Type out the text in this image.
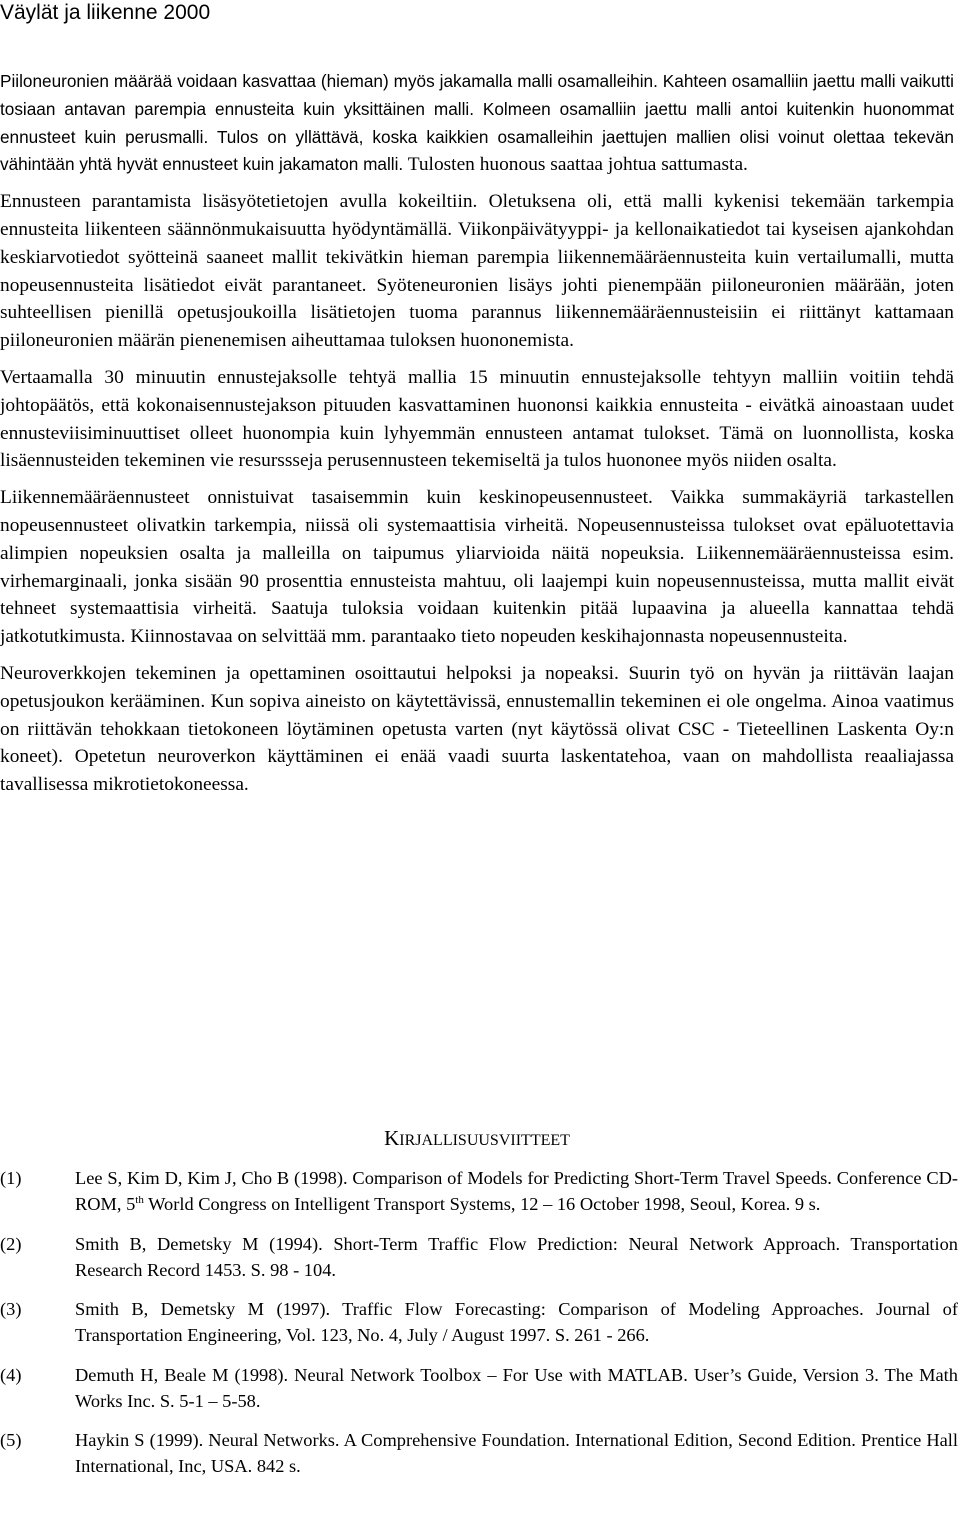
Väylät ja liikenne 2000

Piiloneuronien määrää voidaan kasvattaa (hieman) myös jakamalla malli osamalleihin. Kahteen osamalliin jaettu malli vaikutti tosiaan antavan parempia ennusteita kuin yksittäinen malli. Kolmeen osamalliin jaettu malli antoi kuitenkin huonommat ennusteet kuin perusmalli. Tulos on yllättävä, koska kaikkien osamalleihin jaettujen mallien olisi voinut olettaa tekevän vähintään yhtä hyvät ennusteet kuin jakamaton malli. Tulosten huonous saattaa johtua sattumasta.

Ennusteen parantamista lisäsyötetietojen avulla kokeiltiin. Oletuksena oli, että malli kykenisi tekemään tarkempia ennusteita liikenteen säännönmukaisuutta hyödyntämällä. Viikonpäivätyyppi- ja kellonaikatiedot tai kyseisen ajankohdan keskiarvotiedot syötteinä saaneet mallit tekivätkin hieman parempia liikennemääräennusteita kuin vertailumalli, mutta nopeusennusteita lisätiedot eivät parantaneet. Syöteneuronien lisäys johti pienempään piiloneuronien määrään, joten suhteellisen pienillä opetusjoukoilla lisätietojen tuoma parannus liikennemääräennusteisiin ei riittänyt kattamaan piiloneuronien määrän pienenemisen aiheuttamaa tuloksen huononemista.

Vertaamalla 30 minuutin ennustejaksolle tehtyä mallia 15 minuutin ennustejaksolle tehtyyn malliin voitiin tehdä johtopäätös, että kokonaisennustejakson pituuden kasvattaminen huononsi kaikkia ennusteita - eivätkä ainoastaan uudet ennusteviisiminuuttiset olleet huonompia kuin lyhyemmän ennusteen antamat tulokset. Tämä on luonnollista, koska lisäennusteiden tekeminen vie resurssseja perusennusteen tekemiseltä ja tulos huononee myös niiden osalta.

Liikennemääräennusteet onnistuivat tasaisemmin kuin keskinopeusennusteet. Vaikka summakäyriä tarkastellen nopeusennusteet olivatkin tarkempia, niissä oli systemaattisia virheitä. Nopeusennusteissa tulokset ovat epäluotettavia alimpien nopeuksien osalta ja malleilla on taipumus yliarvioida näitä nopeuksia. Liikennemääräennusteissa esim. virhemarginaali, jonka sisään 90 prosenttia ennusteista mahtuu, oli laajempi kuin nopeusennusteissa, mutta mallit eivät tehneet systemaattisia virheitä. Saatuja tuloksia voidaan kuitenkin pitää lupaavina ja alueella kannattaa tehdä jatkotutkimusta. Kiinnostavaa on selvittää mm. parantaako tieto nopeuden keskihajonnasta nopeusennusteita.

Neuroverkkojen tekeminen ja opettaminen osoittautui helpoksi ja nopeaksi. Suurin työ on hyvän ja riittävän laajan opetusjoukon kerääminen. Kun sopiva aineisto on käytettävissä, ennustemallin tekeminen ei ole ongelma. Ainoa vaatimus on riittävän tehokkaan tietokoneen löytäminen opetusta varten (nyt käytössä olivat CSC - Tieteellinen Laskenta Oy:n koneet). Opetetun neuroverkon käyttäminen ei enää vaadi suurta laskentatehoa, vaan on mahdollista reaaliajassa tavallisessa mikrotietokoneessa.

KIRJALLISUUSVIITTEET
(1)	Lee S, Kim D, Kim J, Cho B (1998). Comparison of Models for Predicting Short-Term Travel Speeds. Conference CD-ROM, 5th World Congress on Intelligent Transport Systems, 12 – 16 October 1998, Seoul, Korea. 9 s.
(2)	Smith B, Demetsky M (1994). Short-Term Traffic Flow Prediction: Neural Network Approach. Transportation Research Record 1453. S. 98 - 104.
(3)	Smith B, Demetsky M (1997). Traffic Flow Forecasting: Comparison of Modeling Approaches. Journal of Transportation Engineering, Vol. 123, No. 4, July / August 1997. S. 261 - 266.
(4)	Demuth H, Beale M (1998). Neural Network Toolbox – For Use with MATLAB. User’s Guide, Version 3. The Math Works Inc. S. 5-1 – 5-58.
(5)	Haykin S (1999). Neural Networks. A Comprehensive Foundation. International Edition, Second Edition. Prentice Hall International, Inc, USA. 842 s.
